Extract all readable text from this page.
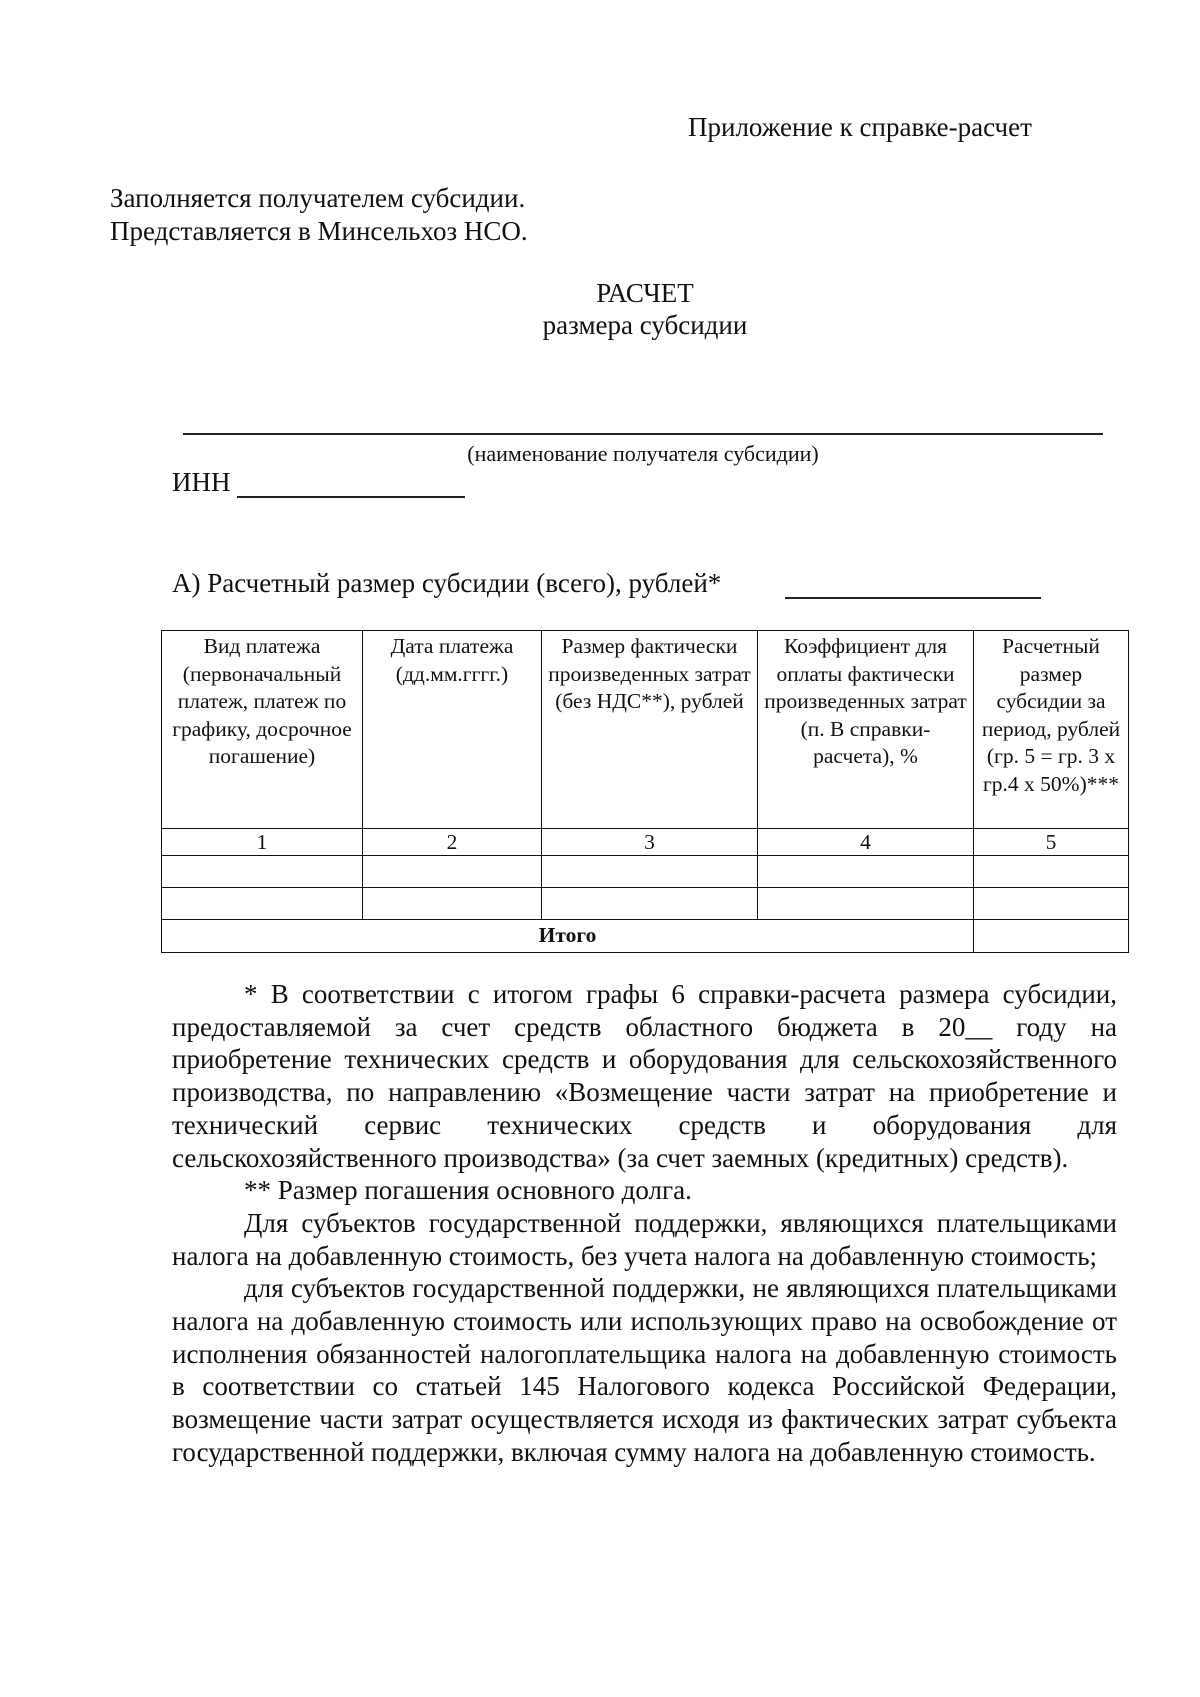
Приложение к справке-расчет
Заполняется получателем субсидии.
Представляется в Минсельхоз НСО.
РАСЧЕТ
размера субсидии
(наименование получателя субсидии)
ИНН
А) Расчетный размер субсидии (всего), рублей*
Вид платежа (первоначальный платеж, платеж по графику, досрочное погашение)	Дата платежа (дд.мм.гггг.)	Размер фактически произведенных затрат (без НДС**), рублей	Коэффициент для оплаты фактически произведенных затрат (п. В справки-расчета), %	Расчетный размер субсидии за период, рублей (гр. 5 = гр. 3 х гр.4 х 50%)***
1	2	3	4	5

Итого				

* В соответствии с итогом графы 6 справки-расчета размера субсидии, предоставляемой за счет средств областного бюджета в 20__ году на приобретение технических средств и оборудования для сельскохозяйственного производства, по направлению «Возмещение части затрат на приобретение и технический сервис технических средств и оборудования для сельскохозяйственного производства» (за счет заемных (кредитных) средств).

** Размер погашения основного долга.

Для субъектов государственной поддержки, являющихся плательщиками налога на добавленную стоимость, без учета налога на добавленную стоимость;

для субъектов государственной поддержки, не являющихся плательщиками налога на добавленную стоимость или использующих право на освобождение от исполнения обязанностей налогоплательщика налога на добавленную стоимость в соответствии со статьей 145 Налогового кодекса Российской Федерации, возмещение части затрат осуществляется исходя из фактических затрат субъекта государственной поддержки, включая сумму налога на добавленную стоимость.
